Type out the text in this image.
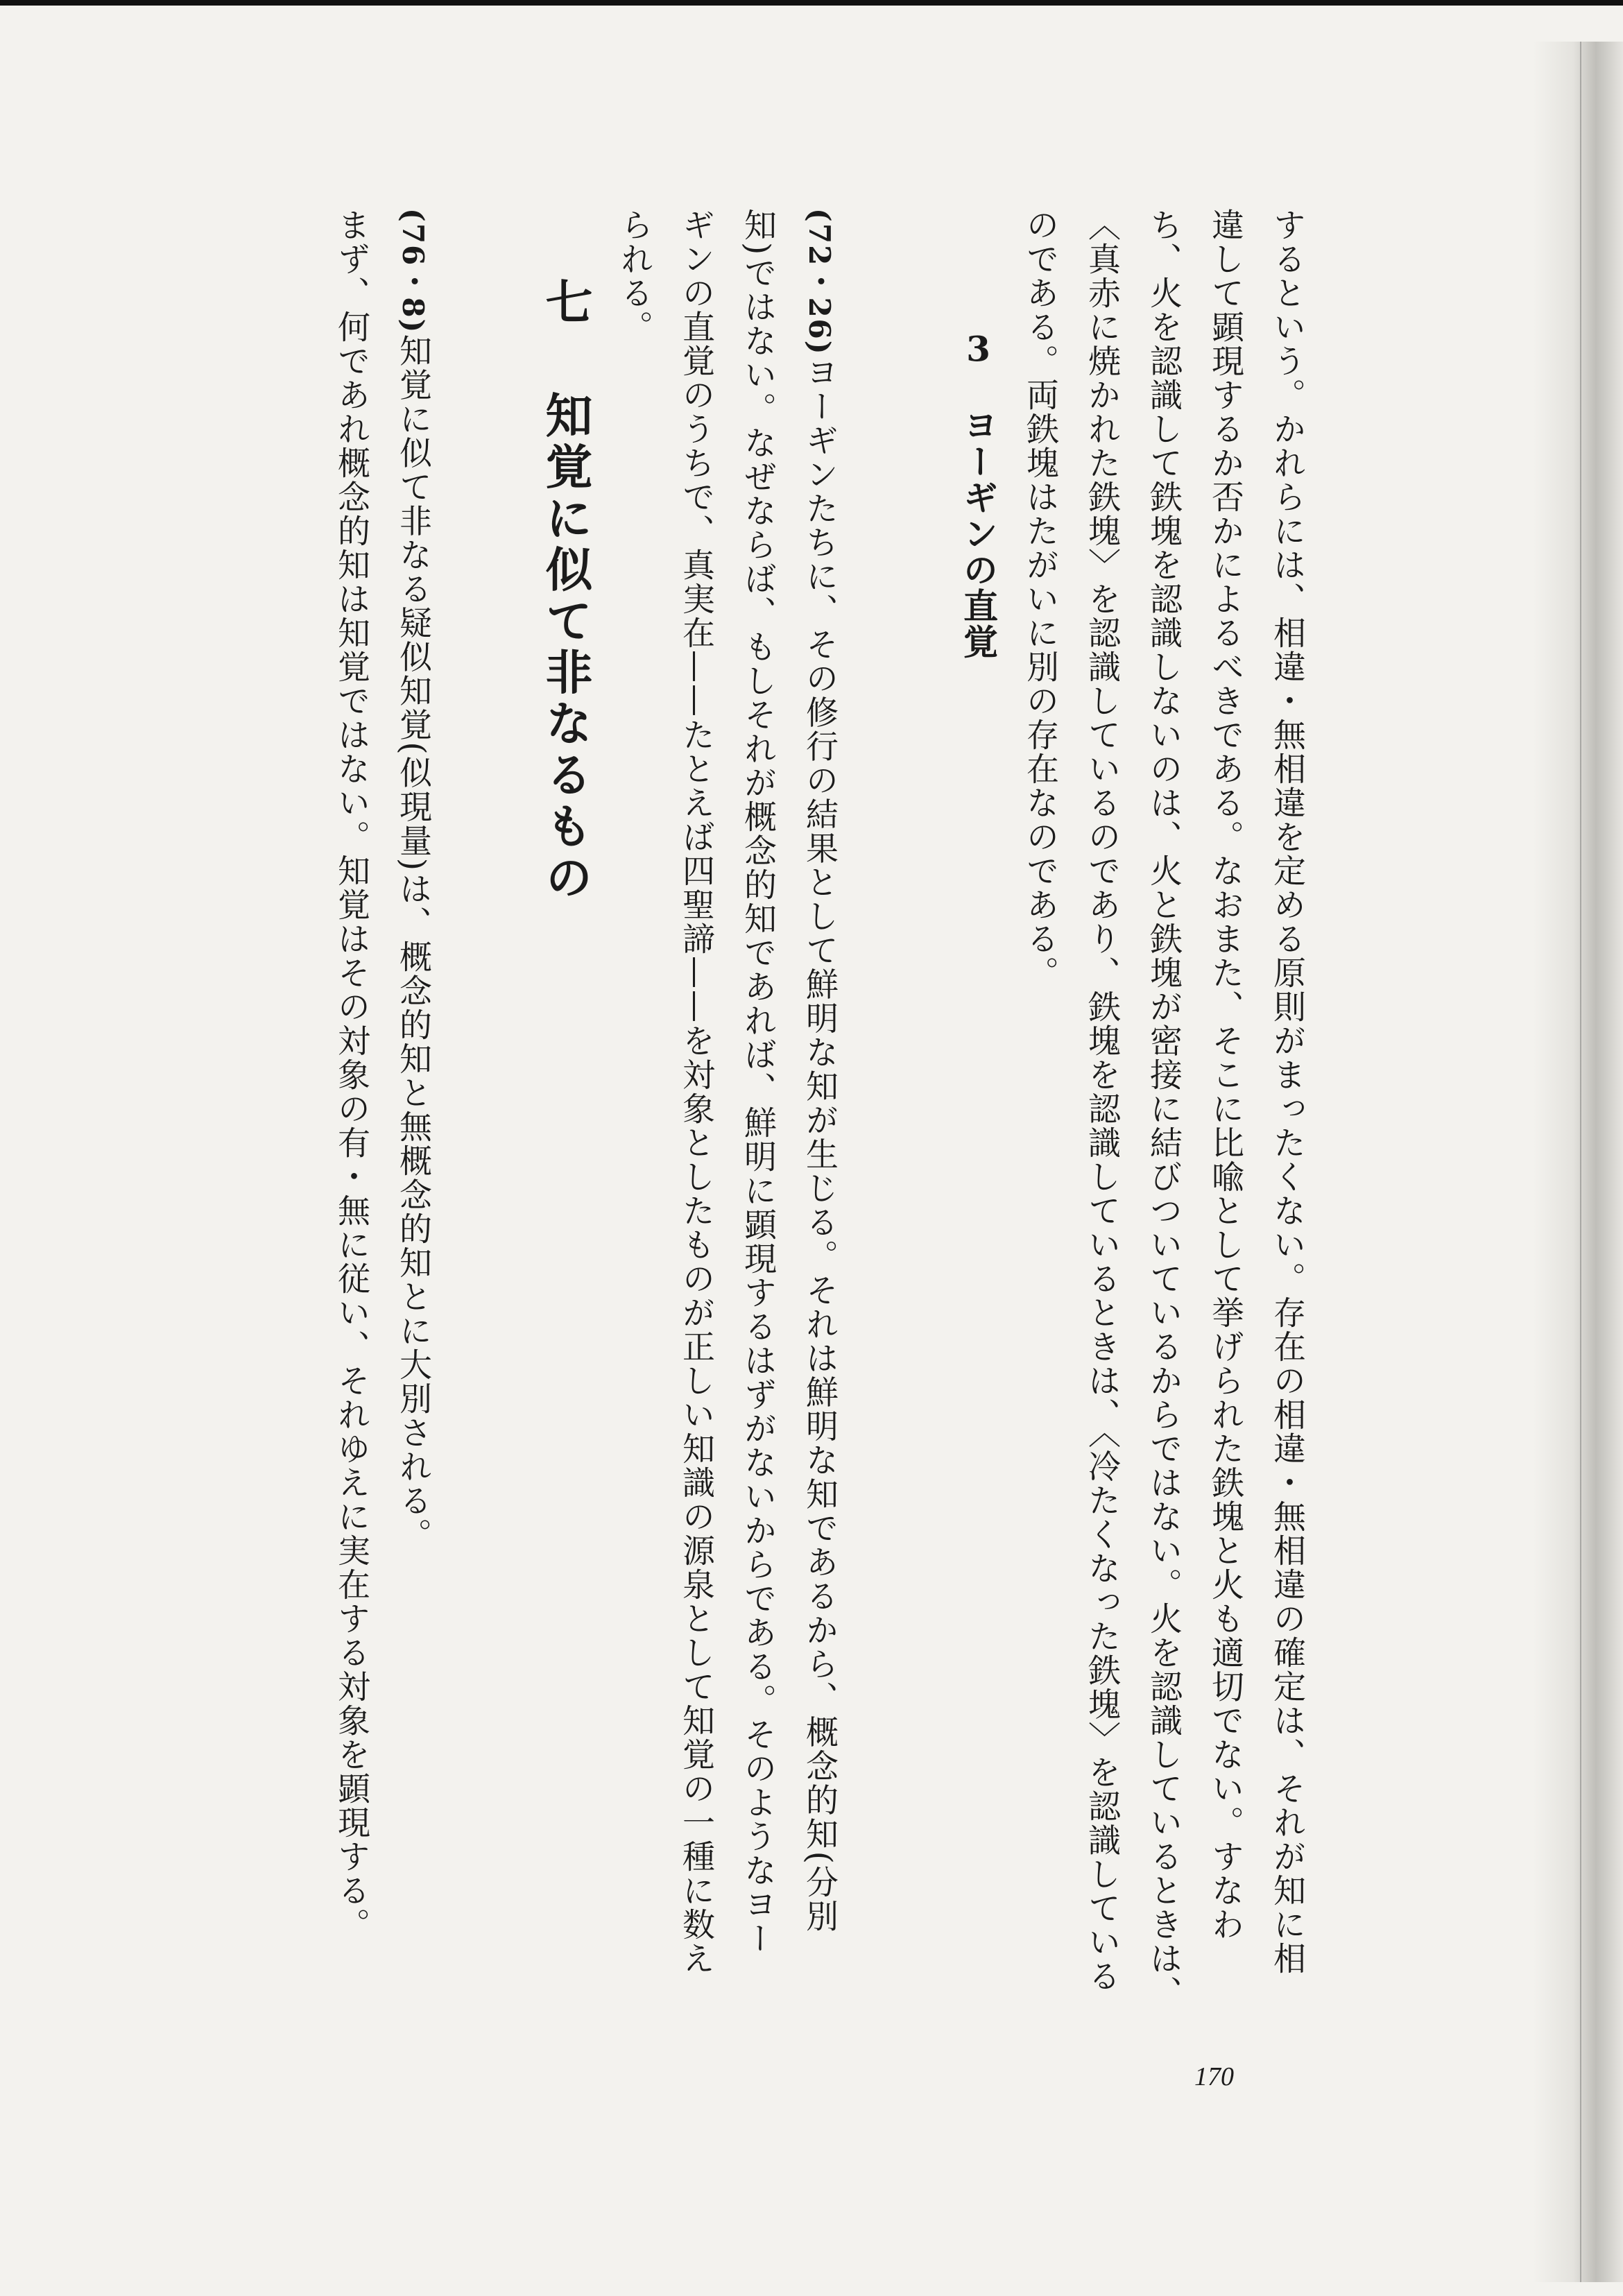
するという。かれらには、相違・無相違を定める原則がまったくない。存在の相違・無相違の確定は、それが知に相
違して顕現するか否かによるべきである。なおまた、そこに比喩として挙げられた鉄塊と火も適切でない。すなわ
ち、火を認識して鉄塊を認識しないのは、火と鉄塊が密接に結びついているからではない。火を認識しているときは、
〈真赤に焼かれた鉄塊〉を認識しているのであり、鉄塊を認識しているときは、〈冷たくなった鉄塊〉を認識している
のである。両鉄塊はたがいに別の存在なのである。

3 ヨーギンの直覚

(72・26)ヨーギンたちに、その修行の結果として鮮明な知が生じる。それは鮮明な知であるから、概念的知(分別
知)ではない。なぜならば、もしそれが概念的知であれば、鮮明に顕現するはずがないからである。そのようなヨー
ギンの直覚のうちで、真実在——たとえば四聖諦——を対象としたものが正しい知識の源泉として知覚の一種に数え
られる。

七 知覚に似て非なるもの

(76・8)知覚に似て非なる疑似知覚(似現量)は、概念的知と無概念的知とに大別される。
まず、何であれ概念的知は知覚ではない。知覚はその対象の有・無に従い、それゆえに実在する対象を顕現する。

170
